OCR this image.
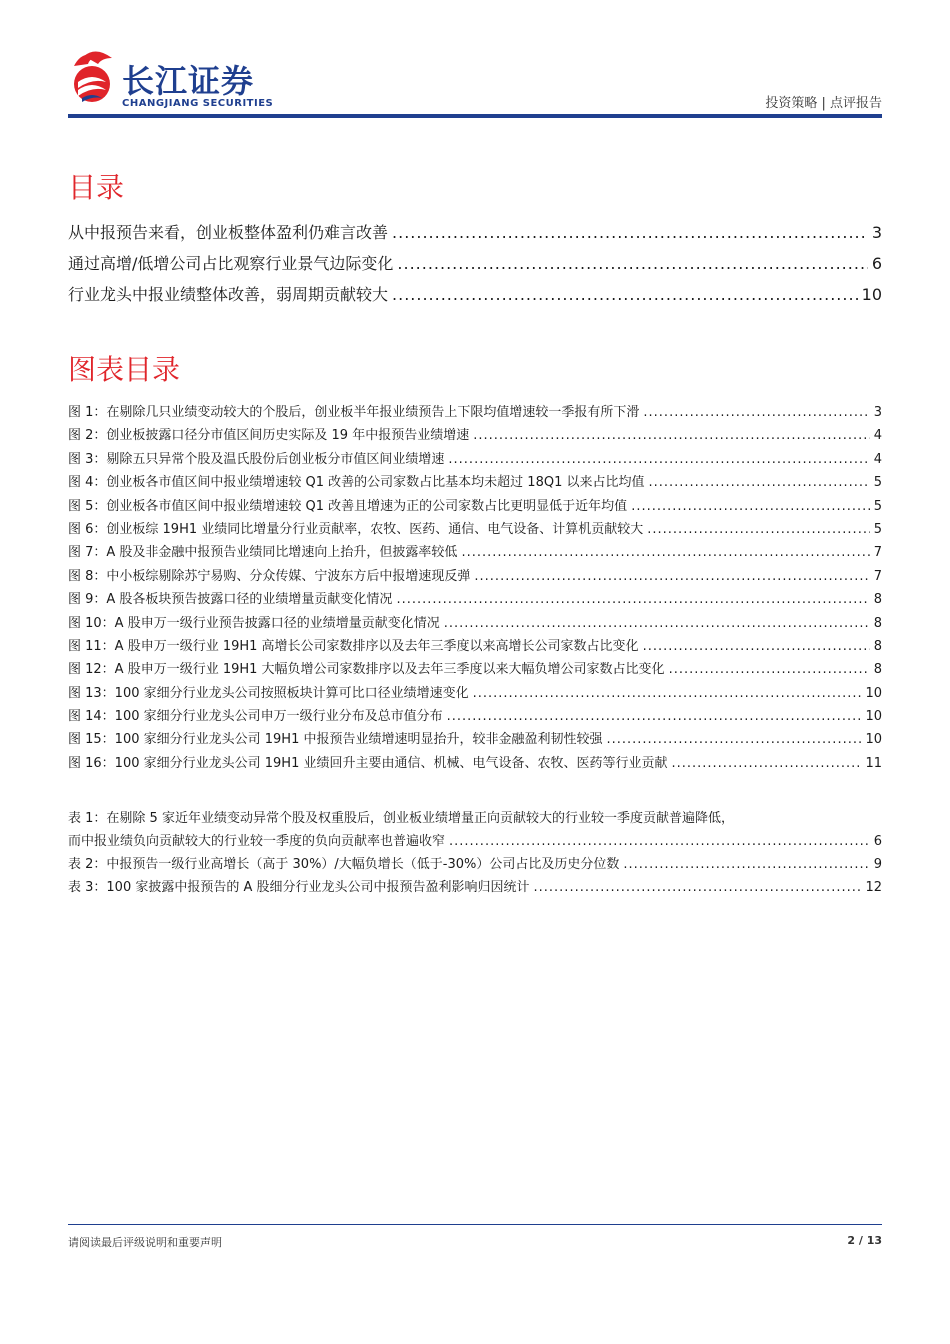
长江证券
CHANGJIANG SECURITIES	投资策略 | 点评报告
目录
从中报预告来看，创业板整体盈利仍难言改善 .....	3
通过高增/低增公司占比观察行业景气边际变化 .....	6
行业龙头中报业绩整体改善，弱周期贡献较大 .....	10
图表目录
图 1：在剔除几只业绩变动较大的个股后，创业板半年报业绩预告上下限均值增速较一季报有所下滑 .....	3
图 2：创业板披露口径分市值区间历史实际及 19 年中报预告业绩增速 .....	4
图 3：剔除五只异常个股及温氏股份后创业板分市值区间业绩增速 .....	4
图 4：创业板各市值区间中报业绩增速较 Q1 改善的公司家数占比基本均未超过 18Q1 以来占比均值 .....	5
图 5：创业板各市值区间中报业绩增速较 Q1 改善且增速为正的公司家数占比更明显低于近年均值 .....	5
图 6：创业板综 19H1 业绩同比增量分行业贡献率，农牧、医药、通信、电气设备、计算机贡献较大 .....	5
图 7：A 股及非金融中报预告业绩同比增速向上抬升，但披露率较低 .....	7
图 8：中小板综剔除苏宁易购、分众传媒、宁波东方后中报增速现反弹 .....	7
图 9：A 股各板块预告披露口径的业绩增量贡献变化情况 .....	8
图 10：A 股申万一级行业预告披露口径的业绩增量贡献变化情况 .....	8
图 11：A 股申万一级行业 19H1 高增长公司家数排序以及去年三季度以来高增长公司家数占比变化 .....	8
图 12：A 股申万一级行业 19H1 大幅负增公司家数排序以及去年三季度以来大幅负增公司家数占比变化 .....	8
图 13：100 家细分行业龙头公司按照板块计算可比口径业绩增速变化 .....	10
图 14：100 家细分行业龙头公司申万一级行业分布及总市值分布 .....	10
图 15：100 家细分行业龙头公司 19H1 中报预告业绩增速明显抬升，较非金融盈利韧性较强 .....	10
图 16：100 家细分行业龙头公司 19H1 业绩回升主要由通信、机械、电气设备、农牧、医药等行业贡献 .....	11
表 1：在剔除 5 家近年业绩变动异常个股及权重股后，创业板业绩增量正向贡献较大的行业较一季度贡献普遍降低，
而中报业绩负向贡献较大的行业较一季度的负向贡献率也普遍收窄 .....	6
表 2：中报预告一级行业高增长（高于 30%）/大幅负增长（低于-30%）公司占比及历史分位数 .....	9
表 3：100 家披露中报预告的 A 股细分行业龙头公司中报预告盈利影响归因统计 .....	12
请阅读最后评级说明和重要声明	2 / 13
